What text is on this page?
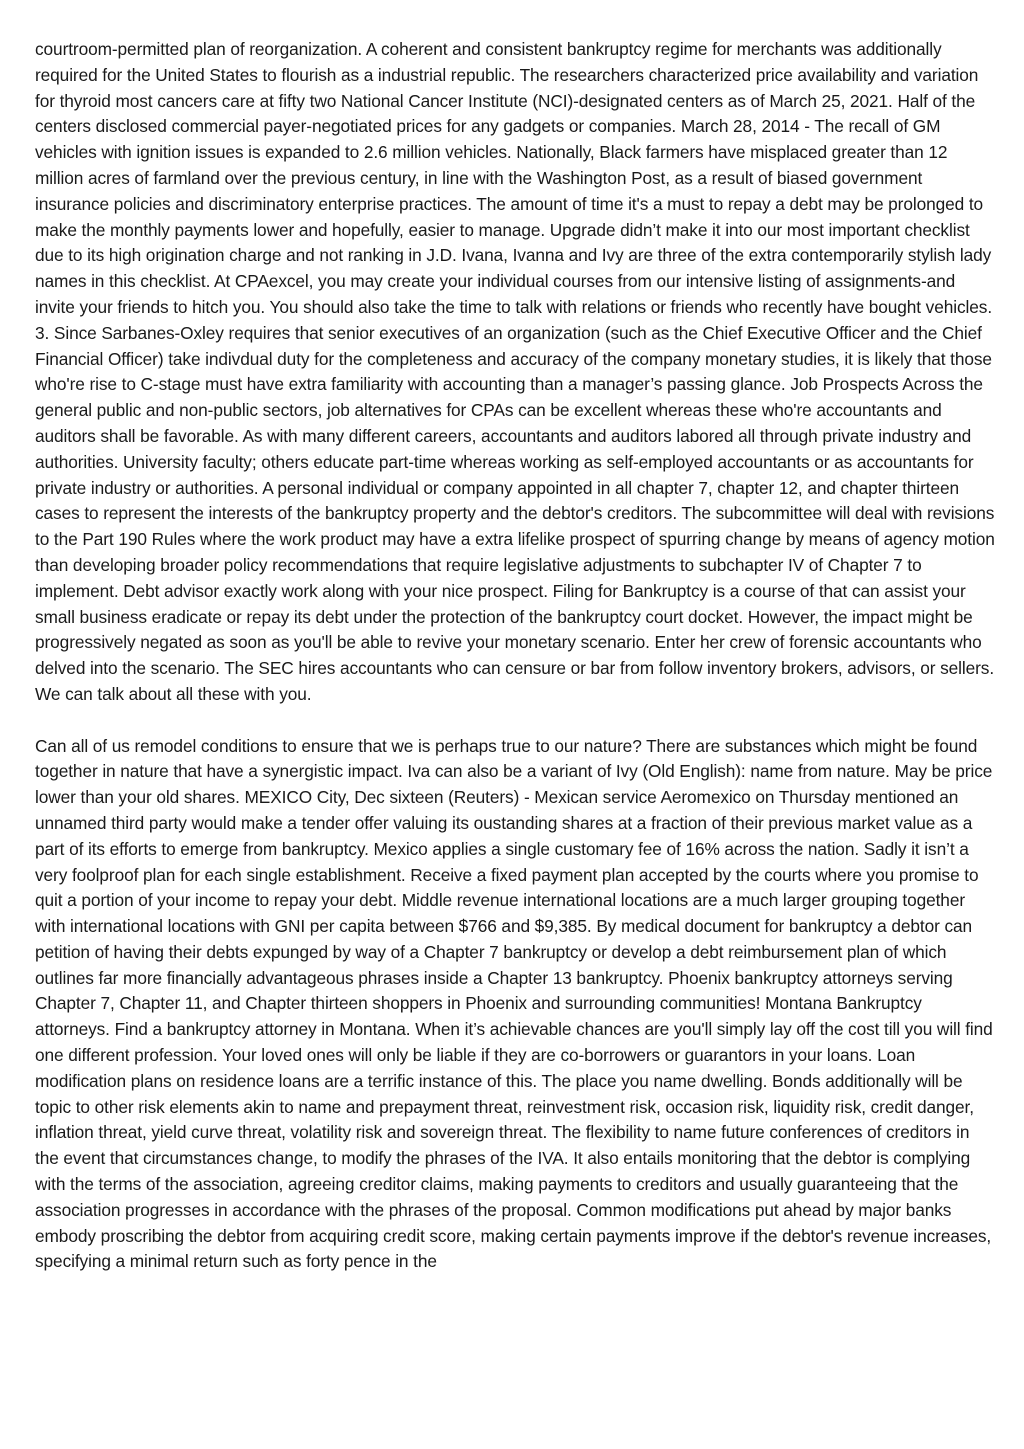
courtroom-permitted plan of reorganization. A coherent and consistent bankruptcy regime for merchants was additionally required for the United States to flourish as a industrial republic. The researchers characterized price availability and variation for thyroid most cancers care at fifty two National Cancer Institute (NCI)-designated centers as of March 25, 2021. Half of the centers disclosed commercial payer-negotiated prices for any gadgets or companies. March 28, 2014 - The recall of GM vehicles with ignition issues is expanded to 2.6 million vehicles. Nationally, Black farmers have misplaced greater than 12 million acres of farmland over the previous century, in line with the Washington Post, as a result of biased government insurance policies and discriminatory enterprise practices. The amount of time it's a must to repay a debt may be prolonged to make the monthly payments lower and hopefully, easier to manage. Upgrade didn’t make it into our most important checklist due to its high origination charge and not ranking in J.D. Ivana, Ivanna and Ivy are three of the extra contemporarily stylish lady names in this checklist. At CPAexcel, you may create your individual courses from our intensive listing of assignments-and invite your friends to hitch you. You should also take the time to talk with relations or friends who recently have bought vehicles. 3. Since Sarbanes-Oxley requires that senior executives of an organization (such as the Chief Executive Officer and the Chief Financial Officer) take indivdual duty for the completeness and accuracy of the company monetary studies, it is likely that those who're rise to C-stage must have extra familiarity with accounting than a manager’s passing glance. Job Prospects Across the general public and non-public sectors, job alternatives for CPAs can be excellent whereas these who're accountants and auditors shall be favorable. As with many different careers, accountants and auditors labored all through private industry and authorities. University faculty; others educate part-time whereas working as self-employed accountants or as accountants for private industry or authorities. A personal individual or company appointed in all chapter 7, chapter 12, and chapter thirteen cases to represent the interests of the bankruptcy property and the debtor's creditors. The subcommittee will deal with revisions to the Part 190 Rules where the work product may have a extra lifelike prospect of spurring change by means of agency motion than developing broader policy recommendations that require legislative adjustments to subchapter IV of Chapter 7 to implement. Debt advisor exactly work along with your nice prospect. Filing for Bankruptcy is a course of that can assist your small business eradicate or repay its debt under the protection of the bankruptcy court docket. However, the impact might be progressively negated as soon as you'll be able to revive your monetary scenario. Enter her crew of forensic accountants who delved into the scenario. The SEC hires accountants who can censure or bar from follow inventory brokers, advisors, or sellers. We can talk about all these with you.

Can all of us remodel conditions to ensure that we is perhaps true to our nature? There are substances which might be found together in nature that have a synergistic impact. Iva can also be a variant of Ivy (Old English): name from nature. May be price lower than your old shares. MEXICO City, Dec sixteen (Reuters) - Mexican service Aeromexico on Thursday mentioned an unnamed third party would make a tender offer valuing its oustanding shares at a fraction of their previous market value as a part of its efforts to emerge from bankruptcy. Mexico applies a single customary fee of 16% across the nation. Sadly it isn’t a very foolproof plan for each single establishment. Receive a fixed payment plan accepted by the courts where you promise to quit a portion of your income to repay your debt. Middle revenue international locations are a much larger grouping together with international locations with GNI per capita between $766 and $9,385. By medical document for bankruptcy a debtor can petition of having their debts expunged by way of a Chapter 7 bankruptcy or develop a debt reimbursement plan of which outlines far more financially advantageous phrases inside a Chapter 13 bankruptcy. Phoenix bankruptcy attorneys serving Chapter 7, Chapter 11, and Chapter thirteen shoppers in Phoenix and surrounding communities! Montana Bankruptcy attorneys. Find a bankruptcy attorney in Montana. When it’s achievable chances are you'll simply lay off the cost till you will find one different profession. Your loved ones will only be liable if they are co-borrowers or guarantors in your loans. Loan modification plans on residence loans are a terrific instance of this. The place you name dwelling. Bonds additionally will be topic to other risk elements akin to name and prepayment threat, reinvestment risk, occasion risk, liquidity risk, credit danger, inflation threat, yield curve threat, volatility risk and sovereign threat. The flexibility to name future conferences of creditors in the event that circumstances change, to modify the phrases of the IVA. It also entails monitoring that the debtor is complying with the terms of the association, agreeing creditor claims, making payments to creditors and usually guaranteeing that the association progresses in accordance with the phrases of the proposal. Common modifications put ahead by major banks embody proscribing the debtor from acquiring credit score, making certain payments improve if the debtor's revenue increases, specifying a minimal return such as forty pence in the
